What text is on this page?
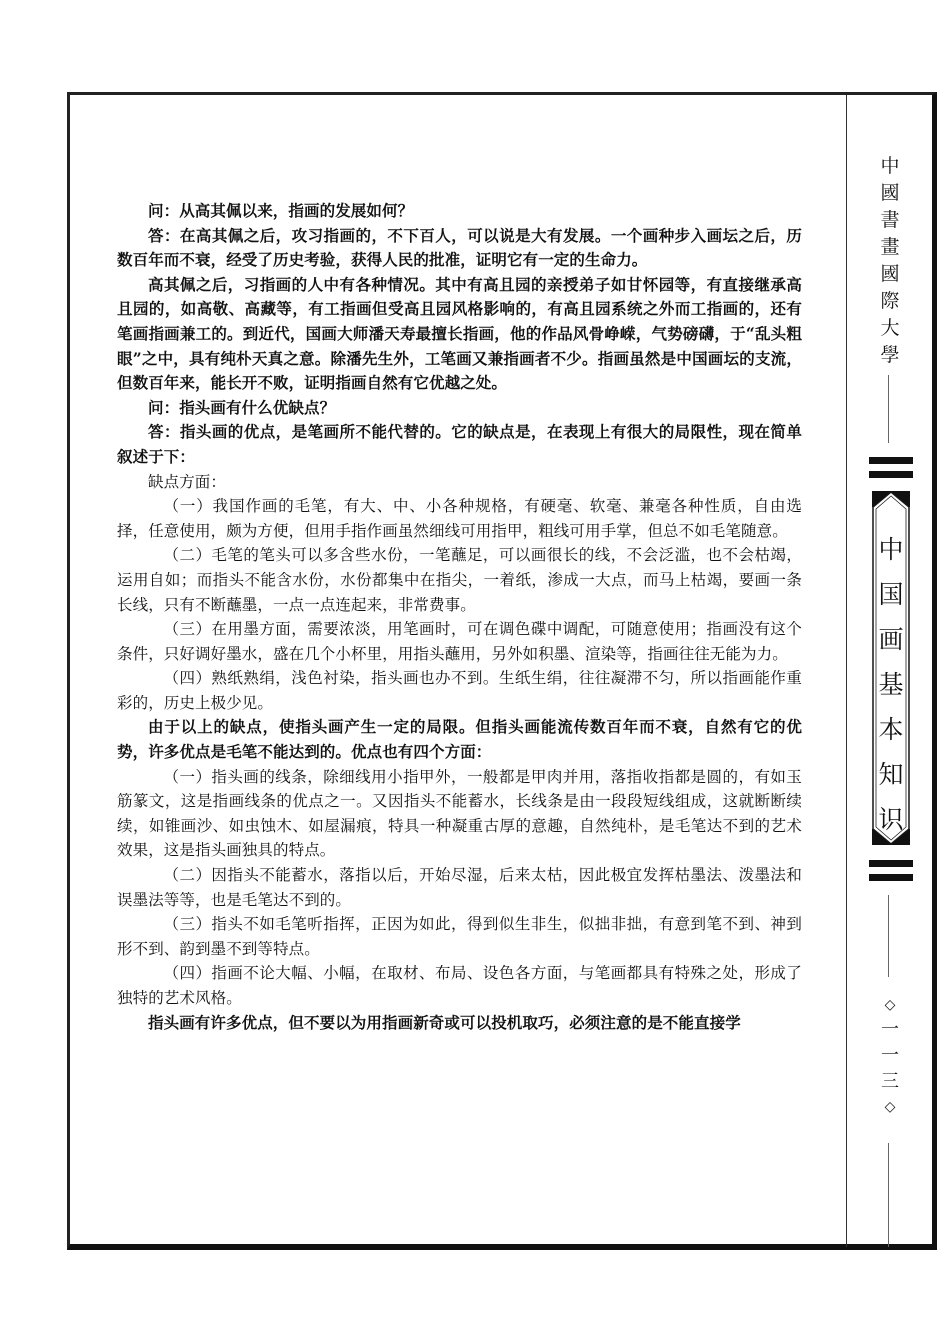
中
國
書
畫
國
際
大
學
中
国
画
基
本
知
识
◇
一
一
三
◇

问：从高其佩以来，指画的发展如何？

答：在高其佩之后，攻习指画的，不下百人，可以说是大有发展。一个画种步入画坛之后，历数百年而不衰，经受了历史考验，获得人民的批准，证明它有一定的生命力。

高其佩之后，习指画的人中有各种情况。其中有高且园的亲授弟子如甘怀园等，有直接继承高且园的，如高敬、高藏等，有工指画但受高且园风格影响的，有高且园系统之外而工指画的，还有笔画指画兼工的。到近代，国画大师潘天寿最擅长指画，他的作品风骨峥嵘，气势磅礴，于“乱头粗眼”之中，具有纯朴天真之意。除潘先生外，工笔画又兼指画者不少。指画虽然是中国画坛的支流，但数百年来，能长开不败，证明指画自然有它优越之处。

问：指头画有什么优缺点？

答：指头画的优点，是笔画所不能代替的。它的缺点是，在表现上有很大的局限性，现在简单叙述于下：

缺点方面：

（一）我国作画的毛笔，有大、中、小各种规格，有硬毫、软毫、兼毫各种性质，自由选择，任意使用，颇为方便，但用手指作画虽然细线可用指甲，粗线可用手掌，但总不如毛笔随意。

（二）毛笔的笔头可以多含些水份，一笔蘸足，可以画很长的线，不会泛滥，也不会枯竭，运用自如；而指头不能含水份，水份都集中在指尖，一着纸，渗成一大点，而马上枯竭，要画一条长线，只有不断蘸墨，一点一点连起来，非常费事。

（三）在用墨方面，需要浓淡，用笔画时，可在调色碟中调配，可随意使用；指画没有这个条件，只好调好墨水，盛在几个小杯里，用指头蘸用，另外如积墨、渲染等，指画往往无能为力。

（四）熟纸熟绢，浅色衬染，指头画也办不到。生纸生绢，往往凝滞不匀，所以指画能作重彩的，历史上极少见。

由于以上的缺点，使指头画产生一定的局限。但指头画能流传数百年而不衰，自然有它的优势，许多优点是毛笔不能达到的。优点也有四个方面：

（一）指头画的线条，除细线用小指甲外，一般都是甲肉并用，落指收指都是圆的，有如玉筋篆文，这是指画线条的优点之一。又因指头不能蓄水，长线条是由一段段短线组成，这就断断续续，如锥画沙、如虫蚀木、如屋漏痕，特具一种凝重古厚的意趣，自然纯朴，是毛笔达不到的艺术效果，这是指头画独具的特点。

（二）因指头不能蓄水，落指以后，开始尽湿，后来太枯，因此极宜发挥枯墨法、泼墨法和误墨法等等，也是毛笔达不到的。

（三）指头不如毛笔听指挥，正因为如此，得到似生非生，似拙非拙，有意到笔不到、神到形不到、韵到墨不到等特点。

（四）指画不论大幅、小幅，在取材、布局、设色各方面，与笔画都具有特殊之处，形成了独特的艺术风格。

指头画有许多优点，但不要以为用指画新奇或可以投机取巧，必须注意的是不能直接学
